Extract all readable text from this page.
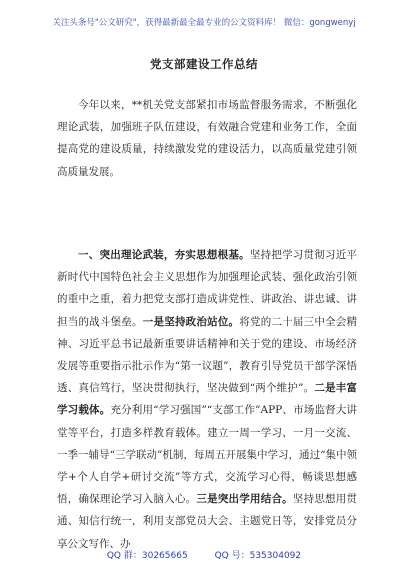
关注头条号"公文研究"，获得最新最全最专业的公文资料库！ 微信：gongwenyj
党支部建设工作总结

今年以来，**机关党支部紧扣市场监督服务需求，不断强化理论武装，加强班子队伍建设，有效融合党建和业务工作，全面提高党的建设质量，持续激发党的建设活力，以高质量党建引领高质量发展。

一、突出理论武装，夯实思想根基。坚持把学习贯彻习近平新时代中国特色社会主义思想作为加强理论武装、强化政治引领的重中之重，着力把党支部打造成讲党性、讲政治、讲忠诚、讲担当的战斗堡垒。一是坚持政治站位。将党的二十届三中全会精神、习近平总书记最新重要讲话精神和关于党的建设、市场经济发展等重要指示批示作为“第一议题”，教育引导党员干部学深悟透、真信笃行，坚决贯彻执行，坚决做到“两个维护”。二是丰富学习载体。充分利用“学习强国”“支部工作”APP、市场监督大讲堂等平台，打造多样教育载体。建立一周一学习、一月一交流、一季一辅导“三学联动”机制，每周五开展集中学习，通过“集中领学+个人自学+研讨交流”等方式，交流学习心得，畅谈思想感悟，确保理论学习入脑入心。三是突出学用结合。坚持思想用贯通、知信行统一，利用支部党员大会、主题党日等，安排党员分享公文写作、办

QQ 群：30265665	QQ 号：535304092
